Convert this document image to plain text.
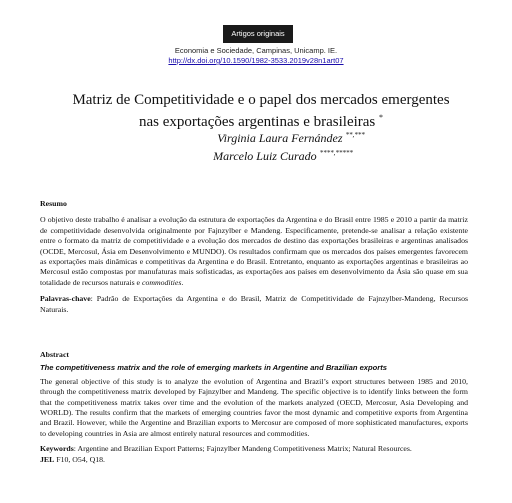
Artigos originais
Economia e Sociedade, Campinas, Unicamp. IE.
http://dx.doi.org/10.1590/1982-3533.2019v28n1art07
Matriz de Competitividade e o papel dos mercados emergentes
nas exportações argentinas e brasileiras *
Virginia Laura Fernández **,***
Marcelo Luiz Curado ****,*****
Resumo
O objetivo deste trabalho é analisar a evolução da estrutura de exportações da Argentina e do Brasil entre 1985 e 2010 a partir da matriz de competitividade desenvolvida originalmente por Fajnzylber e Mandeng. Especificamente, pretende-se analisar a relação existente entre o formato da matriz de competitividade e a evolução dos mercados de destino das exportações brasileiras e argentinas analisados (OCDE, Mercosul, Ásia em Desenvolvimento e MUNDO). Os resultados confirmam que os mercados dos países emergentes favorecem as exportações mais dinâmicas e competitivas da Argentina e do Brasil. Entretanto, enquanto as exportações argentinas e brasileiras ao Mercosul estão compostas por manufaturas mais sofisticadas, as exportações aos países em desenvolvimento da Ásia são quase em sua totalidade de recursos naturais e commodities.
Palavras-chave: Padrão de Exportações da Argentina e do Brasil, Matriz de Competitividade de Fajnzylber-Mandeng, Recursos Naturais.
Abstract
The competitiveness matrix and the role of emerging markets in Argentine and Brazilian exports
The general objective of this study is to analyze the evolution of Argentina and Brazil’s export structures between 1985 and 2010, through the competitiveness matrix developed by Fajnzylber and Mandeng. The specific objective is to identify links between the form that the competitiveness matrix takes over time and the evolution of the markets analyzed (OECD, Mercosur, Asia Developing and WORLD). The results confirm that the markets of emerging countries favor the most dynamic and competitive exports from Argentina and Brazil. However, while the Argentine and Brazilian exports to Mercosur are composed of more sophisticated manufactures, exports to developing countries in Asia are almost entirely natural resources and commodities.
Keywords: Argentine and Brazilian Export Patterns; Fajnzylber Mandeng Competitiveness Matrix; Natural Resources.
JEL F10, O54, Q18.
